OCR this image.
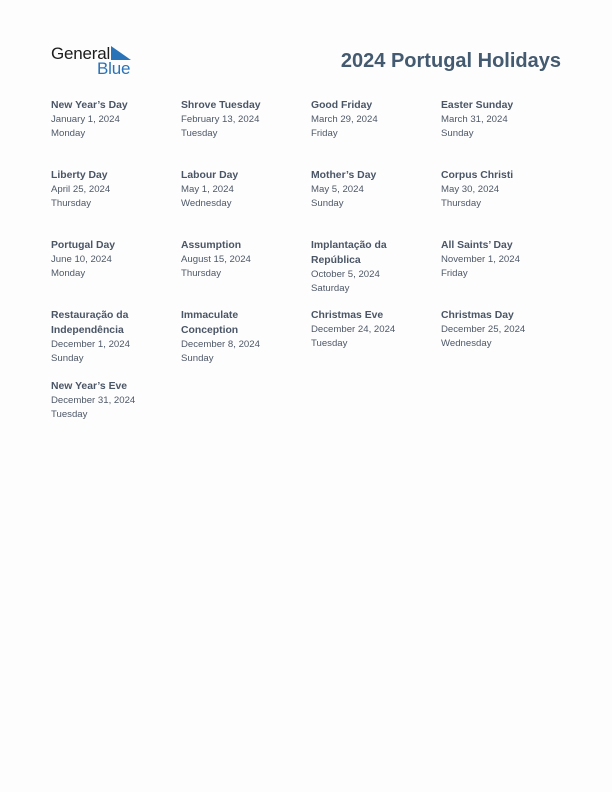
General
Blue	2024 Portugal Holidays
New Year’s Day
January 1, 2024
Monday
Shrove Tuesday
February 13, 2024
Tuesday
Good Friday
March 29, 2024
Friday
Easter Sunday
March 31, 2024
Sunday
Liberty Day
April 25, 2024
Thursday
Labour Day
May 1, 2024
Wednesday
Mother’s Day
May 5, 2024
Sunday
Corpus Christi
May 30, 2024
Thursday
Portugal Day
June 10, 2024
Monday
Assumption
August 15, 2024
Thursday
Implantação da República
October 5, 2024
Saturday
All Saints’ Day
November 1, 2024
Friday
Restauração da Independência
December 1, 2024
Sunday
Immaculate Conception
December 8, 2024
Sunday
Christmas Eve
December 24, 2024
Tuesday
Christmas Day
December 25, 2024
Wednesday
New Year’s Eve
December 31, 2024
Tuesday
